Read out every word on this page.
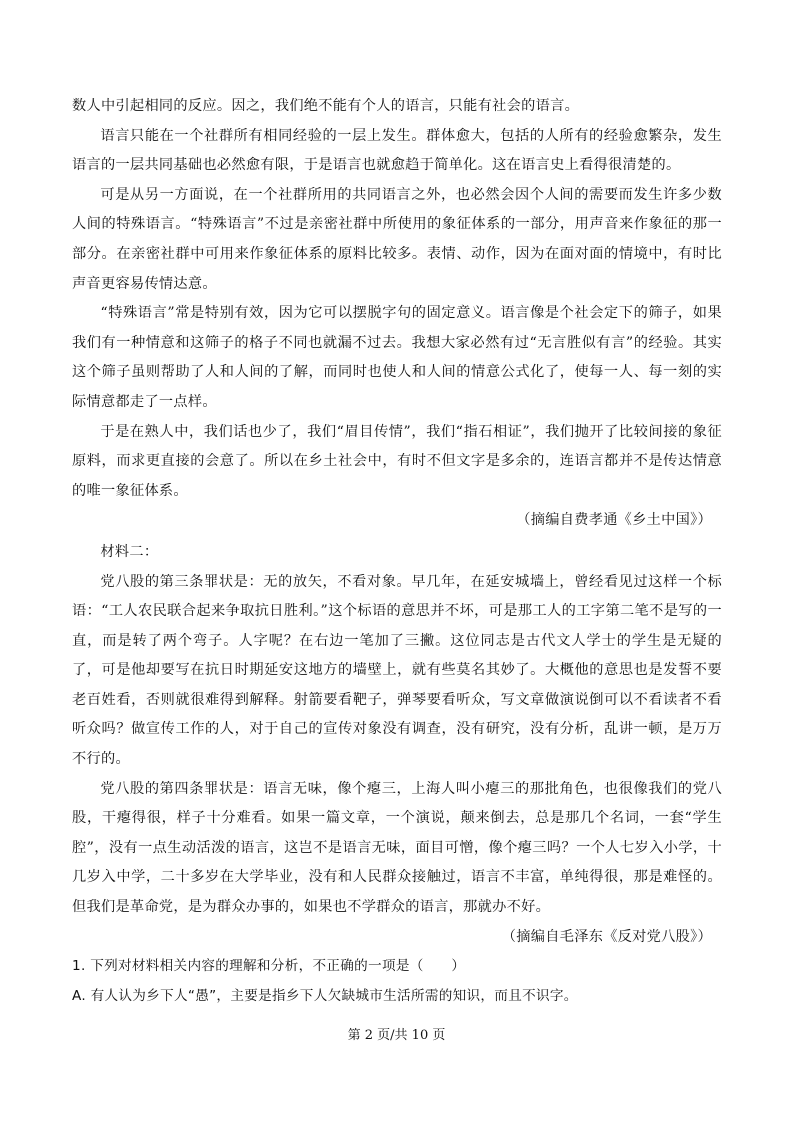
数人中引起相同的反应。因之，我们绝不能有个人的语言，只能有社会的语言。

语言只能在一个社群所有相同经验的一层上发生。群体愈大，包括的人所有的经验愈繁杂，发生语言的一层共同基础也必然愈有限，于是语言也就愈趋于简单化。这在语言史上看得很清楚的。

可是从另一方面说，在一个社群所用的共同语言之外，也必然会因个人间的需要而发生许多少数人间的特殊语言。“特殊语言”不过是亲密社群中所使用的象征体系的一部分，用声音来作象征的那一部分。在亲密社群中可用来作象征体系的原料比较多。表情、动作，因为在面对面的情境中，有时比声音更容易传情达意。

“特殊语言”常是特别有效，因为它可以摆脱字句的固定意义。语言像是个社会定下的筛子，如果我们有一种情意和这筛子的格子不同也就漏不过去。我想大家必然有过“无言胜似有言”的经验。其实这个筛子虽则帮助了人和人间的了解，而同时也使人和人间的情意公式化了，使每一人、每一刻的实际情意都走了一点样。

于是在熟人中，我们话也少了，我们“眉目传情”，我们“指石相证”，我们抛开了比较间接的象征原料，而求更直接的会意了。所以在乡土社会中，有时不但文字是多余的，连语言都并不是传达情意的唯一象征体系。

（摘编自费孝通《乡土中国》）

材料二：

党八股的第三条罪状是：无的放矢，不看对象。早几年，在延安城墙上，曾经看见过这样一个标语：“工人农民联合起来争取抗日胜利。”这个标语的意思并不坏，可是那工人的工字第二笔不是写的一直，而是转了两个弯子。人字呢？在右边一笔加了三撇。这位同志是古代文人学士的学生是无疑的了，可是他却要写在抗日时期延安这地方的墙壁上，就有些莫名其妙了。大概他的意思也是发誓不要老百姓看，否则就很难得到解释。射箭要看靶子，弹琴要看听众，写文章做演说倒可以不看读者不看听众吗？做宣传工作的人，对于自己的宣传对象没有调查，没有研究，没有分析，乱讲一顿，是万万不行的。

党八股的第四条罪状是：语言无味，像个瘪三，上海人叫小瘪三的那批角色，也很像我们的党八股，干瘪得很，样子十分难看。如果一篇文章，一个演说，颠来倒去，总是那几个名词，一套“学生腔”，没有一点生动活泼的语言，这岂不是语言无味，面目可憎，像个瘪三吗？一个人七岁入小学，十几岁入中学，二十多岁在大学毕业，没有和人民群众接触过，语言不丰富，单纯得很，那是难怪的。但我们是革命党，是为群众办事的，如果也不学群众的语言，那就办不好。

（摘编自毛泽东《反对党八股》）

1. 下列对材料相关内容的理解和分析，不正确的一项是（　　）

A. 有人认为乡下人“愚”，主要是指乡下人欠缺城市生活所需的知识，而且不识字。

第 2 页/共 10 页
